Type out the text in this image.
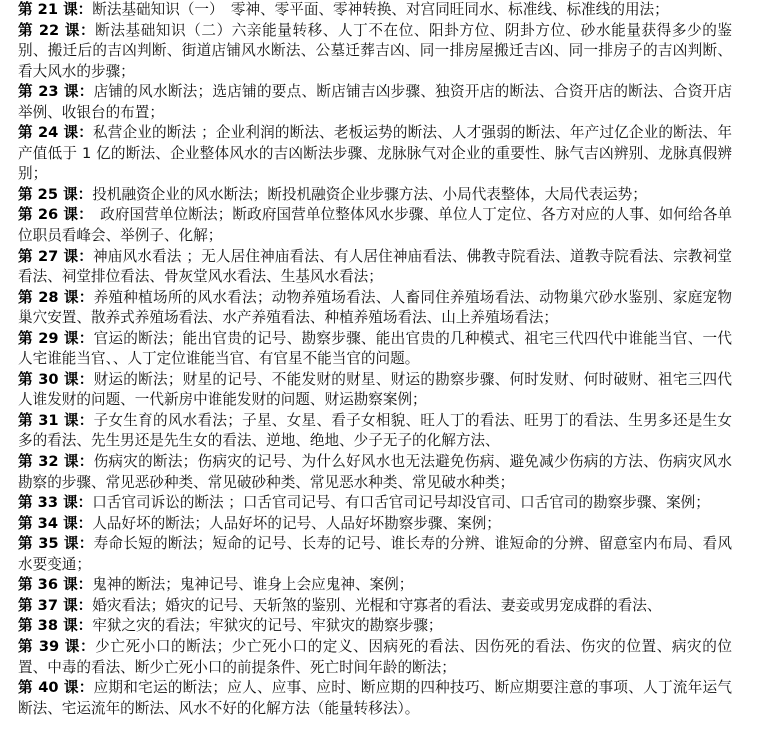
第 21 课：断法基础知识（一）　零神、零平面、零神转换、对宫同旺同水、标准线、标准线的用法；

第 22 课：断法基础知识（二）六亲能量转移、人丁不在位、阳卦方位、阴卦方位、砂水能量获得多少的鉴别、搬迁后的吉凶判断、街道店铺风水断法、公墓迁葬吉凶、同一排房屋搬迁吉凶、同一排房子的吉凶判断、看大风水的步骤；

第 23 课：店铺的风水断法；选店铺的要点、断店铺吉凶步骤、独资开店的断法、合资开店的断法、合资开店举例、收银台的布置；

第 24 课：私营企业的断法 ；企业利润的断法、老板运势的断法、人才强弱的断法、年产过亿企业的断法、年产值低于 1 亿的断法、企业整体风水的吉凶断法步骤、龙脉脉气对企业的重要性、脉气吉凶辨别、龙脉真假辨别；

第 25 课：投机融资企业的风水断法；断投机融资企业步骤方法、小局代表整体，大局代表运势；

第 26 课：　政府国营单位断法；断政府国营单位整体风水步骤、单位人丁定位、各方对应的人事、如何给各单位职员看峰会、举例子、化解；

第 27 课：神庙风水看法 ；无人居住神庙看法、有人居住神庙看法、佛教寺院看法、道教寺院看法、宗教祠堂看法、祠堂排位看法、骨灰堂风水看法、生基风水看法；

第 28 课：养殖种植场所的风水看法；动物养殖场看法、人畜同住养殖场看法、动物巢穴砂水鉴别、家庭宠物巢穴安置、散养式养殖场看法、水产养殖看法、种植养殖场看法、山上养殖场看法；

第 29 课：官运的断法；能出官贵的记号、勘察步骤、能出官贵的几种模式、祖宅三代四代中谁能当官、一代人宅谁能当官、、人丁定位谁能当官、有官星不能当官的问题。

第 30 课：财运的断法；财星的记号、不能发财的财星、财运的勘察步骤、何时发财、何时破财、祖宅三四代人谁发财的问题、一代新房中谁能发财的问题、财运勘察案例；

第 31 课：子女生育的风水看法；子星、女星、看子女相貌、旺人丁的看法、旺男丁的看法、生男多还是生女多的看法、先生男还是先生女的看法、逆地、绝地、少子无子的化解方法、

第 32 课：伤病灾的断法；伤病灾的记号、为什么好风水也无法避免伤病、避免减少伤病的方法、伤病灾风水勘察的步骤、常见恶砂种类、常见破砂种类、常见恶水种类、常见破水种类；

第 33 课：口舌官司诉讼的断法 ；口舌官司记号、有口舌官司记号却没官司、口舌官司的勘察步骤、案例；

第 34 课：人品好坏的断法；人品好坏的记号、人品好坏勘察步骤、案例；

第 35 课：寿命长短的断法；短命的记号、长寿的记号、谁长寿的分辨、谁短命的分辨、留意室内布局、看风水要变通；

第 36 课：鬼神的断法；鬼神记号、谁身上会应鬼神、案例；

第 37 课：婚灾看法；婚灾的记号、天斩煞的鉴别、光棍和守寡者的看法、妻妾或男宠成群的看法、

第 38 课：牢狱之灾的看法；牢狱灾的记号、牢狱灾的勘察步骤；

第 39 课：少亡死小口的断法；少亡死小口的定义、因病死的看法、因伤死的看法、伤灾的位置、病灾的位置、中毒的看法、断少亡死小口的前提条件、死亡时间年龄的断法；

第 40 课：应期和宅运的断法；应人、应事、应时、断应期的四种技巧、断应期要注意的事项、人丁流年运气断法、宅运流年的断法、风水不好的化解方法（能量转移法）。
